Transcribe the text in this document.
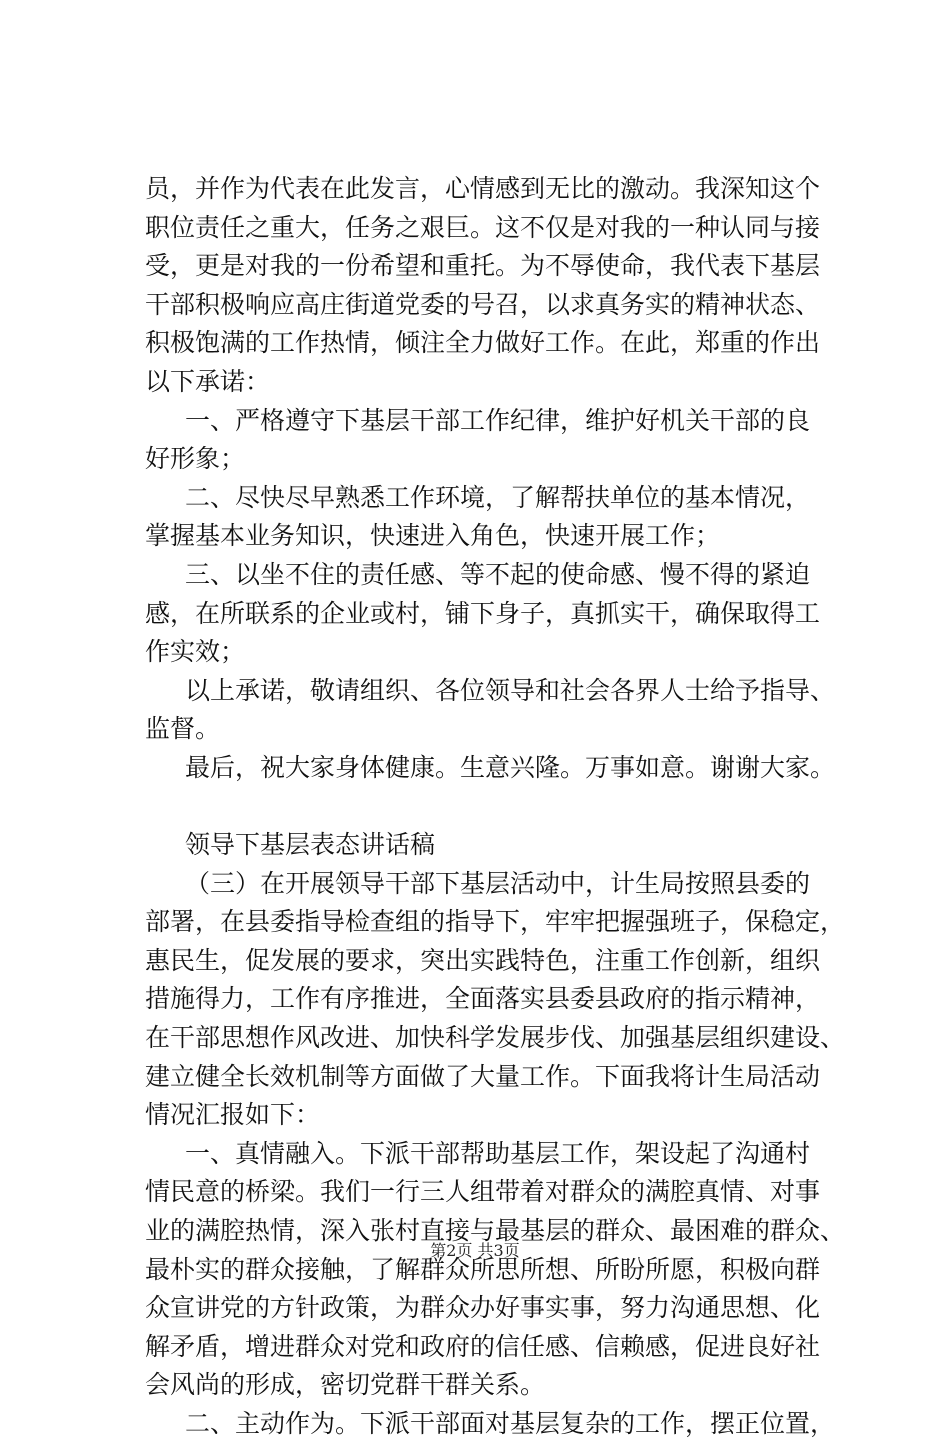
员，并作为代表在此发言，心情感到无比的激动。我深知这个
职位责任之重大，任务之艰巨。这不仅是对我的一种认同与接
受，更是对我的一份希望和重托。为不辱使命，我代表下基层
干部积极响应高庄街道党委的号召，以求真务实的精神状态、
积极饱满的工作热情，倾注全力做好工作。在此，郑重的作出
以下承诺：
一、严格遵守下基层干部工作纪律，维护好机关干部的良
好形象；
二、尽快尽早熟悉工作环境，了解帮扶单位的基本情况，
掌握基本业务知识，快速进入角色，快速开展工作；
三、以坐不住的责任感、等不起的使命感、慢不得的紧迫
感，在所联系的企业或村，铺下身子，真抓实干，确保取得工
作实效；
以上承诺，敬请组织、各位领导和社会各界人士给予指导、
监督。
最后，祝大家身体健康。生意兴隆。万事如意。谢谢大家。
领导下基层表态讲话稿
（三）在开展领导干部下基层活动中，计生局按照县委的
部署，在县委指导检查组的指导下，牢牢把握强班子，保稳定，
惠民生，促发展的要求，突出实践特色，注重工作创新，组织
措施得力，工作有序推进，全面落实县委县政府的指示精神，
在干部思想作风改进、加快科学发展步伐、加强基层组织建设、
建立健全长效机制等方面做了大量工作。下面我将计生局活动
情况汇报如下：
一、真情融入。下派干部帮助基层工作，架设起了沟通村
情民意的桥梁。我们一行三人组带着对群众的满腔真情、对事
业的满腔热情，深入张村直接与最基层的群众、最困难的群众、
最朴实的群众接触，了解群众所思所想、所盼所愿，积极向群
众宣讲党的方针政策，为群众办好事实事，努力沟通思想、化
解矛盾，增进群众对党和政府的信任感、信赖感，促进良好社
会风尚的形成，密切党群干群关系。
二、主动作为。下派干部面对基层复杂的工作，摆正位置，
第2页 共3页
